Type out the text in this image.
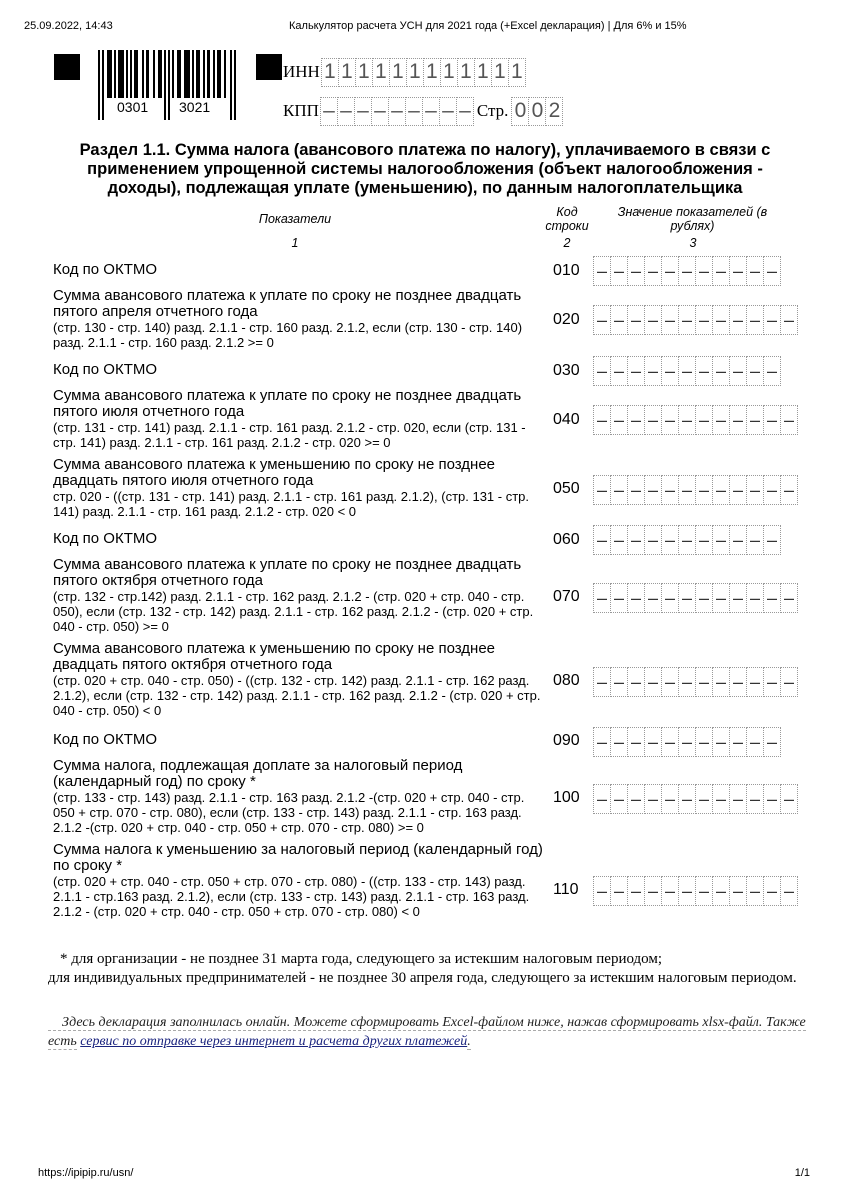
25.09.2022, 14:43	Калькулятор расчета УСН для 2021 года (+Excel декларация) | Для 6% и 15%
0301 3021
ИНН 1 1 1 1 1 1 1 1 1 1 1 1
КПП – – – – – – – – – Стр. 0 0 2
Раздел 1.1. Сумма налога (авансового платежа по налогу), уплачиваемого в связи с применением упрощенной системы налогообложения (объект налогообложения - доходы), подлежащая уплате (уменьшению), по данным налогоплательщика
Показатели	Код строки
Значение показателей (в рублях)
1	2	3
Код по ОКТМО	010 – – – – – – – – – – –
Сумма авансового платежа к уплате по сроку не позднее двадцать пятого апреля отчетного года
(стр. 130 - стр. 140) разд. 2.1.1 - стр. 160 разд. 2.1.2, если (стр. 130 - стр. 140) разд. 2.1.1 - стр. 160 разд. 2.1.2 >= 0
020 – – – – – – – – – – – –
Код по ОКТМО	030 – – – – – – – – – – –
Сумма авансового платежа к уплате по сроку не позднее двадцать пятого июля отчетного года
(стр. 131 - стр. 141) разд. 2.1.1 - стр. 161 разд. 2.1.2 - стр. 020, если (стр. 131 - стр. 141) разд. 2.1.1 - стр. 161 разд. 2.1.2 - стр. 020 >= 0
040 – – – – – – – – – – – –
Сумма авансового платежа к уменьшению по сроку не позднее двадцать пятого июля отчетного года
стр. 020 - ((стр. 131 - стр. 141) разд. 2.1.1 - стр. 161 разд. 2.1.2), (стр. 131 - стр. 141) разд. 2.1.1 - стр. 161 разд. 2.1.2 - стр. 020 < 0
050 – – – – – – – – – – – –
Код по ОКТМО	060 – – – – – – – – – – –
Сумма авансового платежа к уплате по сроку не позднее двадцать пятого октября отчетного года
(стр. 132 - стр.142) разд. 2.1.1 - стр. 162 разд. 2.1.2 - (стр. 020 + стр. 040 - стр. 050), если (стр. 132 - стр. 142) разд. 2.1.1 - стр. 162 разд. 2.1.2 - (стр. 020 + стр. 040 - стр. 050) >= 0
070 – – – – – – – – – – – –
Сумма авансового платежа к уменьшению по сроку не позднее двадцать пятого октября отчетного года
(стр. 020 + стр. 040 - стр. 050) - ((стр. 132 - стр. 142) разд. 2.1.1 - стр. 162 разд. 2.1.2), если (стр. 132 - стр. 142) разд. 2.1.1 - стр. 162 разд. 2.1.2 - (стр. 020 + стр. 040 - стр. 050) < 0
080 – – – – – – – – – – – –
Код по ОКТМО	090 – – – – – – – – – – –
Сумма налога, подлежащая доплате за налоговый период (календарный год) по сроку *
(стр. 133 - стр. 143) разд. 2.1.1 - стр. 163 разд. 2.1.2 -(стр. 020 + стр. 040 - стр. 050 + стр. 070 - стр. 080), если (стр. 133 - стр. 143) разд. 2.1.1 - стр. 163 разд. 2.1.2 -(стр. 020 + стр. 040 - стр. 050 + стр. 070 - стр. 080) >= 0
100 – – – – – – – – – – – –
Сумма налога к уменьшению за налоговый период (календарный год) по сроку *
(стр. 020 + стр. 040 - стр. 050 + стр. 070 - стр. 080) - ((стр. 133 - стр. 143) разд. 2.1.1 - стр.163 разд. 2.1.2), если (стр. 133 - стр. 143) разд. 2.1.1 - стр. 163 разд. 2.1.2 - (стр. 020 + стр. 040 - стр. 050 + стр. 070 - стр. 080) < 0
110 – – – – – – – – – – – –
* для организации - не позднее 31 марта года, следующего за истекшим налоговым периодом;
для индивидуальных предпринимателей - не позднее 30 апреля года, следующего за истекшим налоговым периодом.
Здесь декларация заполнилась онлайн. Можете сформировать Excel-файлом ниже, нажав сформировать xlsx-файл. Также есть сервис по отправке через интернет и расчета других платежей.
https://ipipip.ru/usn/	1/1
